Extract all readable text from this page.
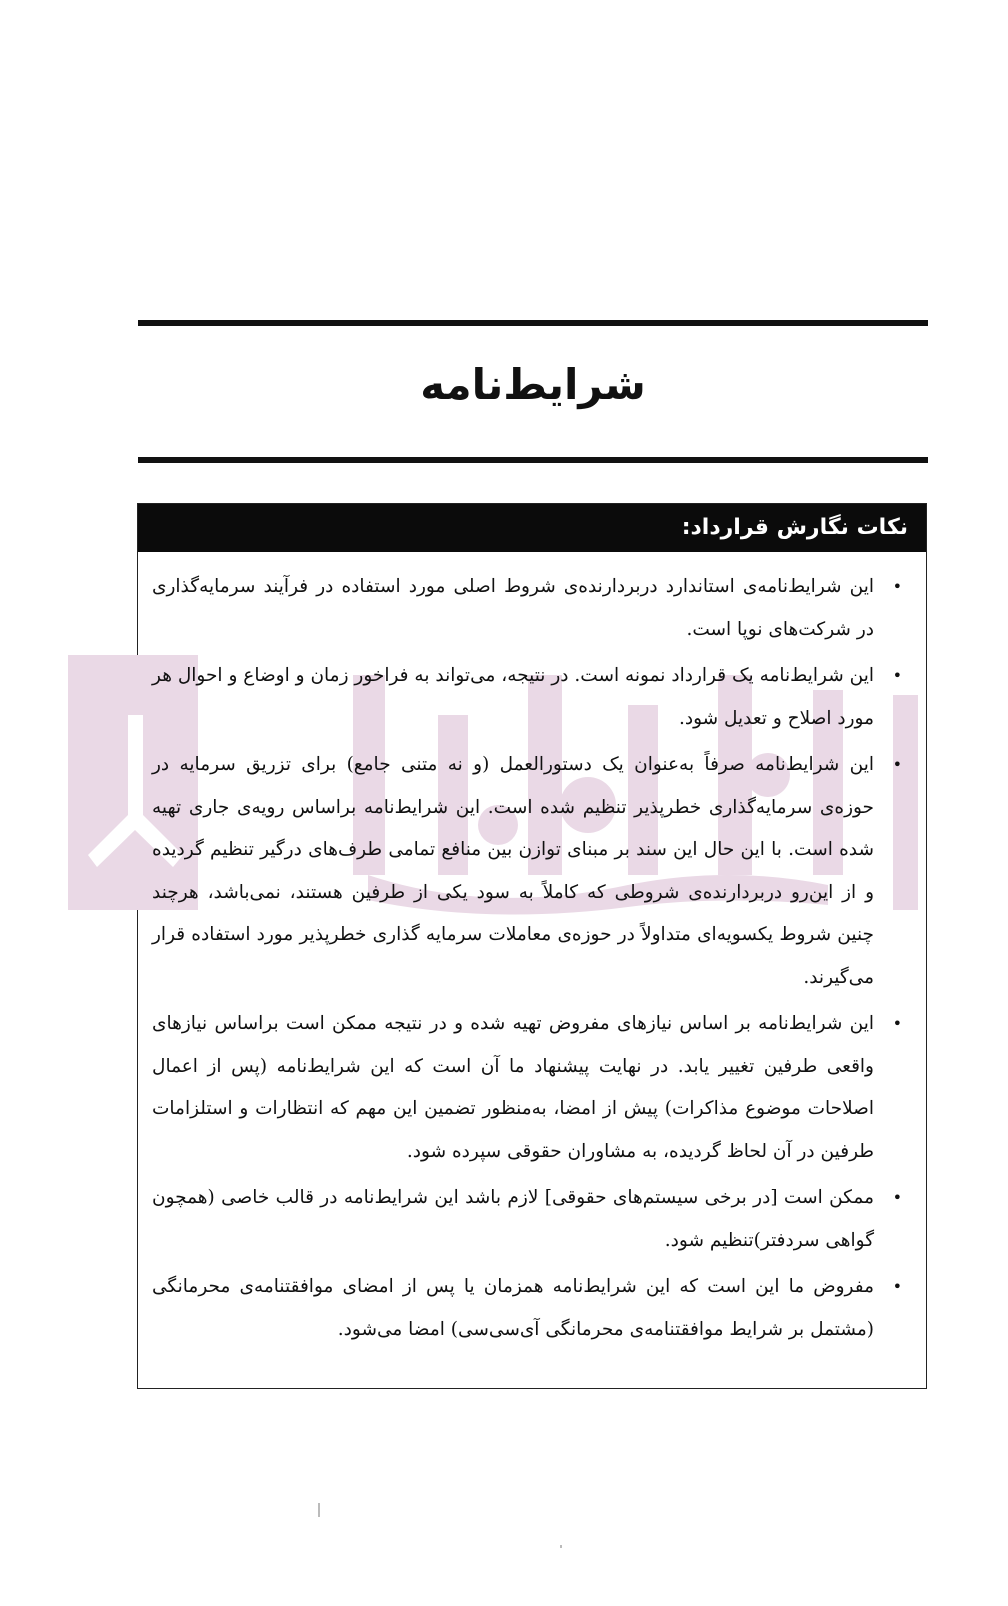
شرایط‌نامه
نکات نگارش قرارداد:
•
این شرایط‌نامه‌ی استاندارد دربردارنده‌ی شروط اصلی مورد استفاده در فرآیند سرمایه‌گذاری در شرکت‌های نوپا است.
•
این شرایط‌نامه یک قرارداد نمونه است. در نتیجه، می‌تواند به فراخور زمان و اوضاع و احوال هر مورد اصلاح و تعدیل شود.
•
این شرایط‌نامه صرفاً به‌عنوان یک دستورالعمل (و نه متنی جامع) برای تزریق سرمایه در حوزه‌ی سرمایه‌گذاری خطرپذیر تنظیم شده است. این شرایط‌نامه براساس رویه‌ی جاری تهیه شده است. با این حال این سند بر مبنای توازن بین منافع تمامی طرف‌های درگیر تنظیم گردیده و از این‌رو دربردارنده‌ی شروطی که کاملاً به سود یکی از طرفین هستند، نمی‌باشد، هرچند چنین شروط یکسویه‌ای متداولاً در حوزه‌ی معاملات سرمایه گذاری خطرپذیر مورد استفاده قرار می‌گیرند.
•
این شرایط‌نامه بر اساس نیازهای مفروض تهیه شده و در نتیجه ممکن است براساس نیازهای واقعی طرفین تغییر یابد. در نهایت پیشنهاد ما آن است که این شرایط‌نامه (پس از اعمال اصلاحات موضوع مذاکرات) پیش از امضا، به‌منظور تضمین این مهم که انتظارات و استلزامات طرفین در آن لحاظ گردیده، به مشاوران حقوقی سپرده شود.
•
ممکن است [در برخی سیستم‌های حقوقی] لازم باشد این شرایط‌نامه در قالب خاصی (همچون گواهی سردفتر)تنظیم شود.
•
مفروض ما این است که این شرایط‌نامه همزمان یا پس از امضای موافقتنامه‌ی محرمانگی (مشتمل بر شرایط موافقتنامه‌ی محرمانگی آی‌سی‌سی) امضا می‌شود.
